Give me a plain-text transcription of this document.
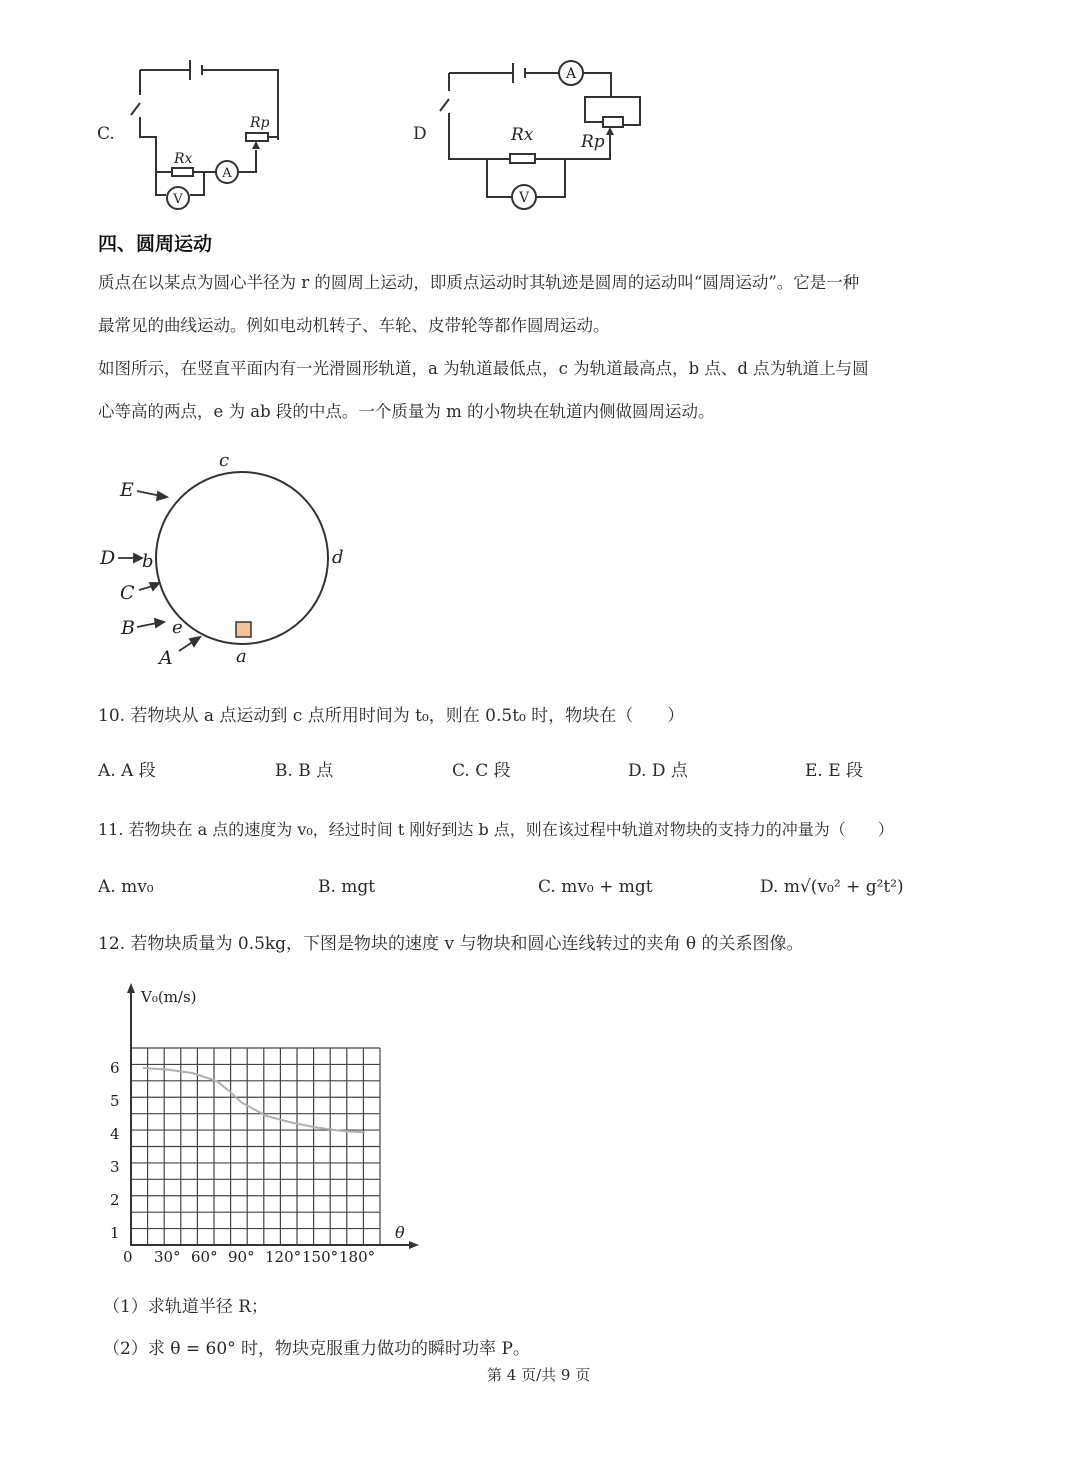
C.
A
V
Rp
Rx
D
A
V
Rp
Rx
四、圆周运动
质点在以某点为圆心半径为 r 的圆周上运动，即质点运动时其轨迹是圆周的运动叫“圆周运动”。它是一种
最常见的曲线运动。例如电动机转子、车轮、皮带轮等都作圆周运动。
如图所示，在竖直平面内有一光滑圆形轨道，a 为轨道最低点，c 为轨道最高点，b 点、d 点为轨道上与圆
心等高的两点，e 为 ab 段的中点。一个质量为 m 的小物块在轨道内侧做圆周运动。
c
d
b
e
a
E
D
C
B
A
10. 若物块从 a 点运动到 c 点所用时间为 t₀，则在 0.5t₀ 时，物块在（　　）
A. A 段	B. B 点	C. C 段	D. D 点	E. E 段
11. 若物块在 a 点的速度为 v₀，经过时间 t 刚好到达 b 点，则在该过程中轨道对物块的支持力的冲量为（　　）
A. mv₀	B. mgt	C. mv₀ + mgt	D. m√(v₀² + g²t²)
12. 若物块质量为 0.5kg，下图是物块的速度 v 与物块和圆心连线转过的夹角 θ 的关系图像。
V₀(m/s)
θ
1
2
3
4
5
6
0 30° 60° 90° 120° 150° 180°
（1）求轨道半径 R；
（2）求 θ = 60° 时，物块克服重力做功的瞬时功率 P。
第 4 页/共 9 页
